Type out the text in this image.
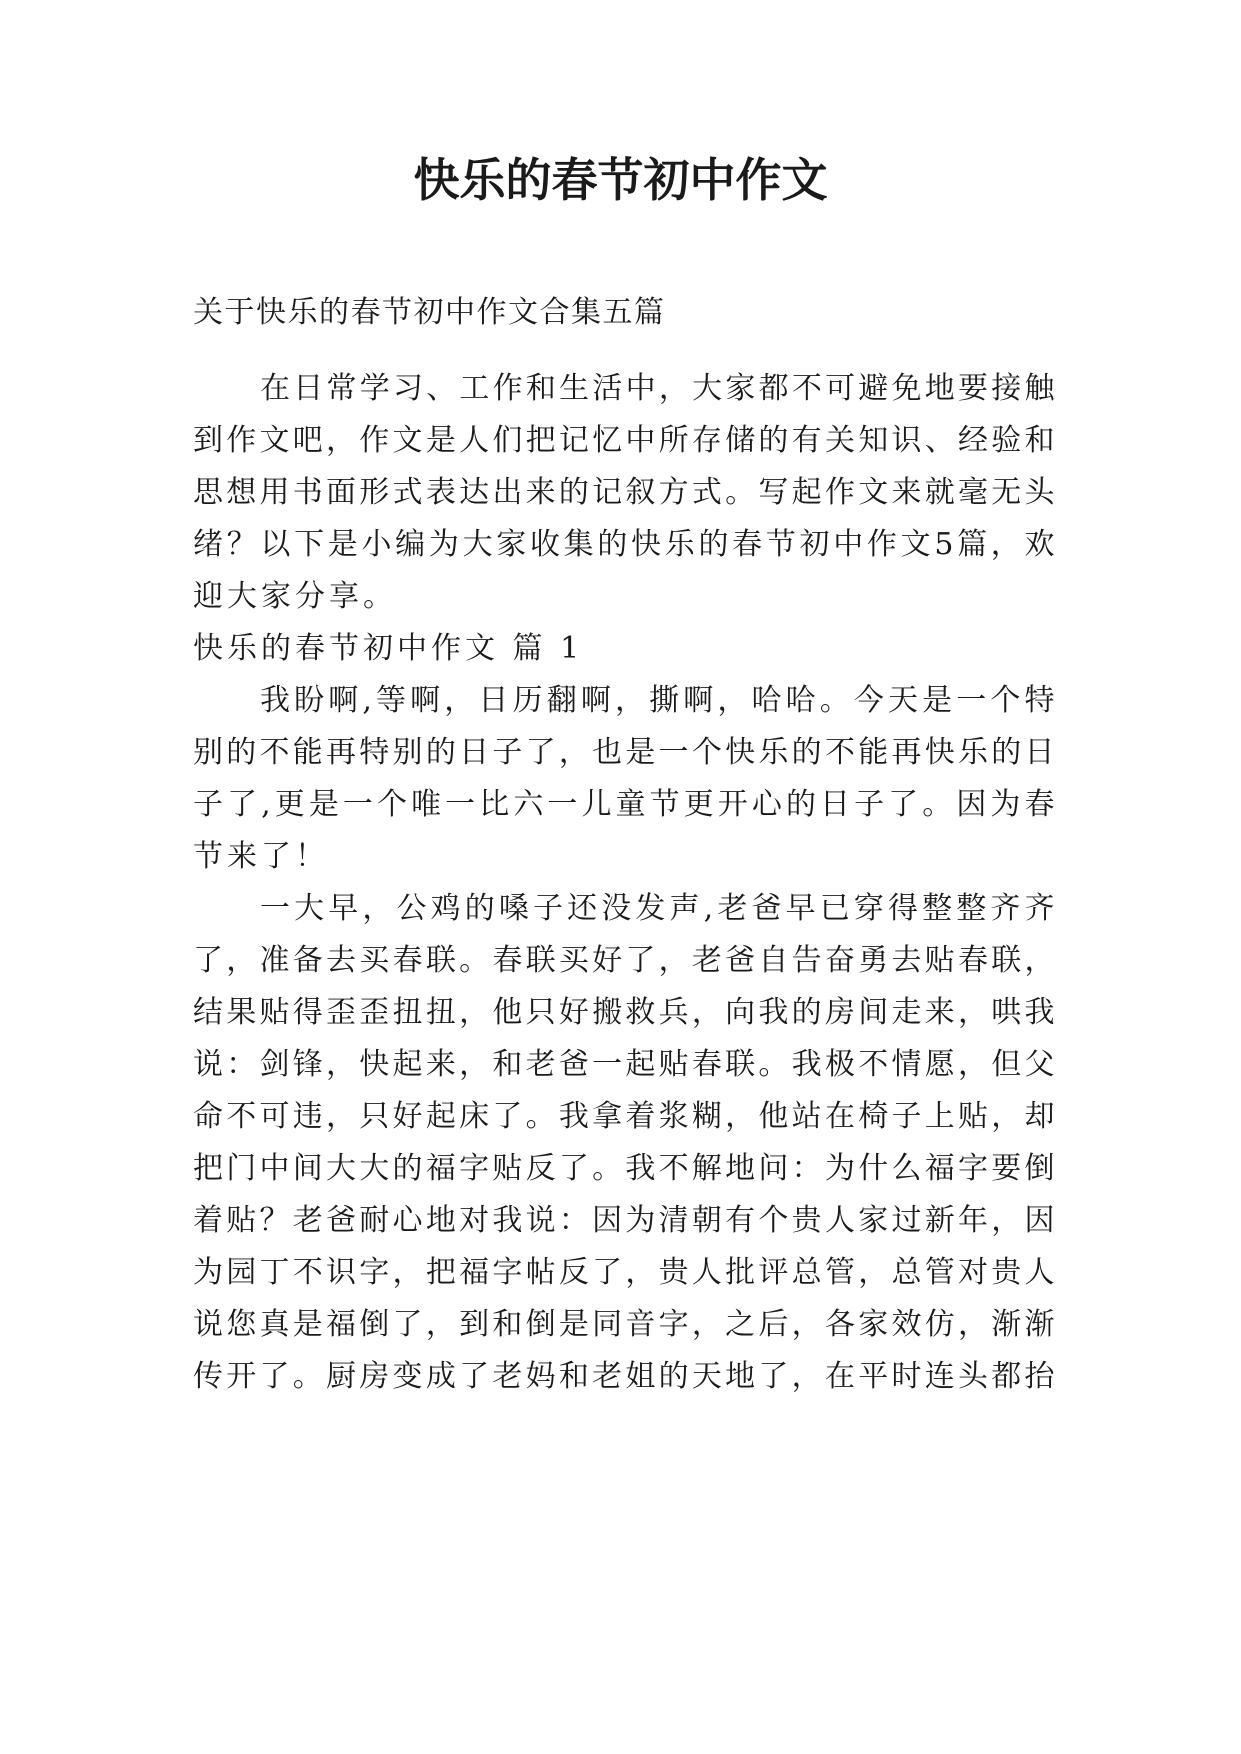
快乐的春节初中作文

关于快乐的春节初中作文合集五篇

在日常学习、工作和生活中，大家都不可避免地要接触

到作文吧，作文是人们把记忆中所存储的有关知识、经验和

思想用书面形式表达出来的记叙方式。写起作文来就毫无头

绪？以下是小编为大家收集的快乐的春节初中作文5篇，欢

迎大家分享。

快乐的春节初中作文 篇 1

我盼啊,等啊，日历翻啊，撕啊，哈哈。今天是一个特

别的不能再特别的日子了，也是一个快乐的不能再快乐的日

子了,更是一个唯一比六一儿童节更开心的日子了。因为春

节来了！

一大早，公鸡的嗓子还没发声,老爸早已穿得整整齐齐

了，准备去买春联。春联买好了，老爸自告奋勇去贴春联，

结果贴得歪歪扭扭，他只好搬救兵，向我的房间走来，哄我

说：剑锋，快起来，和老爸一起贴春联。我极不情愿，但父

命不可违，只好起床了。我拿着浆糊，他站在椅子上贴，却

把门中间大大的福字贴反了。我不解地问：为什么福字要倒

着贴？老爸耐心地对我说：因为清朝有个贵人家过新年，因

为园丁不识字，把福字帖反了，贵人批评总管，总管对贵人

说您真是福倒了，到和倒是同音字，之后，各家效仿，渐渐

传开了。厨房变成了老妈和老姐的天地了，在平时连头都抬
